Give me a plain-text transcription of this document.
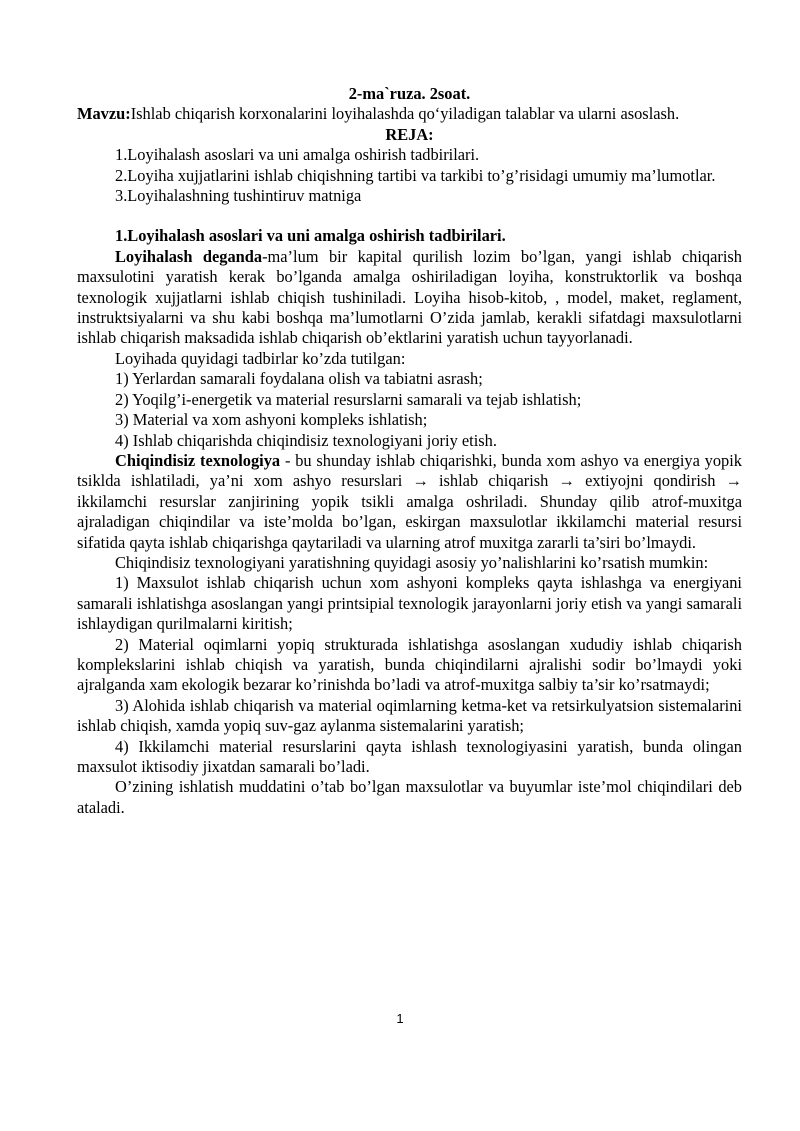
2-ma`ruza. 2soat.

Mavzu:Ishlab chiqarish korxonalarini loyihalashda qo‘yiladigan talablar va ularni asoslash.

REJA:

1.Loyihalash asoslari va uni amalga oshirish tadbirilari.

2.Loyiha xujjatlarini ishlab chiqishning tartibi va tarkibi to’g’risidagi umumiy ma’lumotlar.

3.Loyihalashning tushintiruv matniga

1.Loyihalash asoslari va uni amalga oshirish tadbirilari.

Loyihalash deganda-ma’lum bir kapital qurilish lozim bo’lgan, yangi ishlab chiqarish maxsulotini yaratish kerak bo’lganda amalga oshiriladigan loyiha, konstruktorlik va boshqa texnologik xujjatlarni ishlab chiqish tushiniladi. Loyiha hisob-kitob, , model, maket, reglament, instruktsiyalarni va shu kabi boshqa ma’lumotlarni O’zida jamlab, kerakli sifatdagi maxsulotlarni ishlab chiqarish maksadida ishlab chiqarish ob’ektlarini yaratish uchun tayyorlanadi.

Loyihada quyidagi tadbirlar ko’zda tutilgan:

1) Yerlardan samarali foydalana olish va tabiatni asrash;

2) Yoqilg’i-energetik va material resurslarni samarali va tejab ishlatish;

3) Material va xom ashyoni kompleks ishlatish;

4) Ishlab chiqarishda chiqindisiz texnologiyani joriy etish.

Chiqindisiz texnologiya - bu shunday ishlab chiqarishki, bunda xom ashyo va energiya yopik tsiklda ishlatiladi, ya’ni xom ashyo resurslari → ishlab chiqarish → extiyojni qondirish → ikkilamchi resurslar zanjirining yopik tsikli amalga oshriladi. Shunday qilib atrof-muxitga ajraladigan chiqindilar va iste’molda bo’lgan, eskirgan maxsulotlar ikkilamchi material resursi sifatida qayta ishlab chiqarishga qaytariladi va ularning atrof muxitga zararli ta’siri bo’lmaydi.

Chiqindisiz texnologiyani yaratishning quyidagi asosiy yo’nalishlarini ko’rsatish mumkin:

1) Maxsulot ishlab chiqarish uchun xom ashyoni kompleks qayta ishlashga va energiyani samarali ishlatishga asoslangan yangi printsipial texnologik jarayonlarni joriy etish va yangi samarali ishlaydigan qurilmalarni kiritish;

2) Material oqimlarni yopiq strukturada ishlatishga asoslangan xududiy ishlab chiqarish komplekslarini ishlab chiqish va yaratish, bunda chiqindilarni ajralishi sodir bo’lmaydi yoki ajralganda xam ekologik bezarar ko’rinishda bo’ladi va atrof-muxitga salbiy ta’sir ko’rsatmaydi;

3) Alohida ishlab chiqarish va material oqimlarning ketma-ket va retsirkulyatsion sistemalarini ishlab chiqish, xamda yopiq suv-gaz aylanma sistemalarini yaratish;

4) Ikkilamchi material resurslarini qayta ishlash texnologiyasini yaratish, bunda olingan maxsulot iktisodiy jixatdan samarali bo’ladi.

O’zining ishlatish muddatini o’tab bo’lgan maxsulotlar va buyumlar iste’mol chiqindilari deb ataladi.

1
